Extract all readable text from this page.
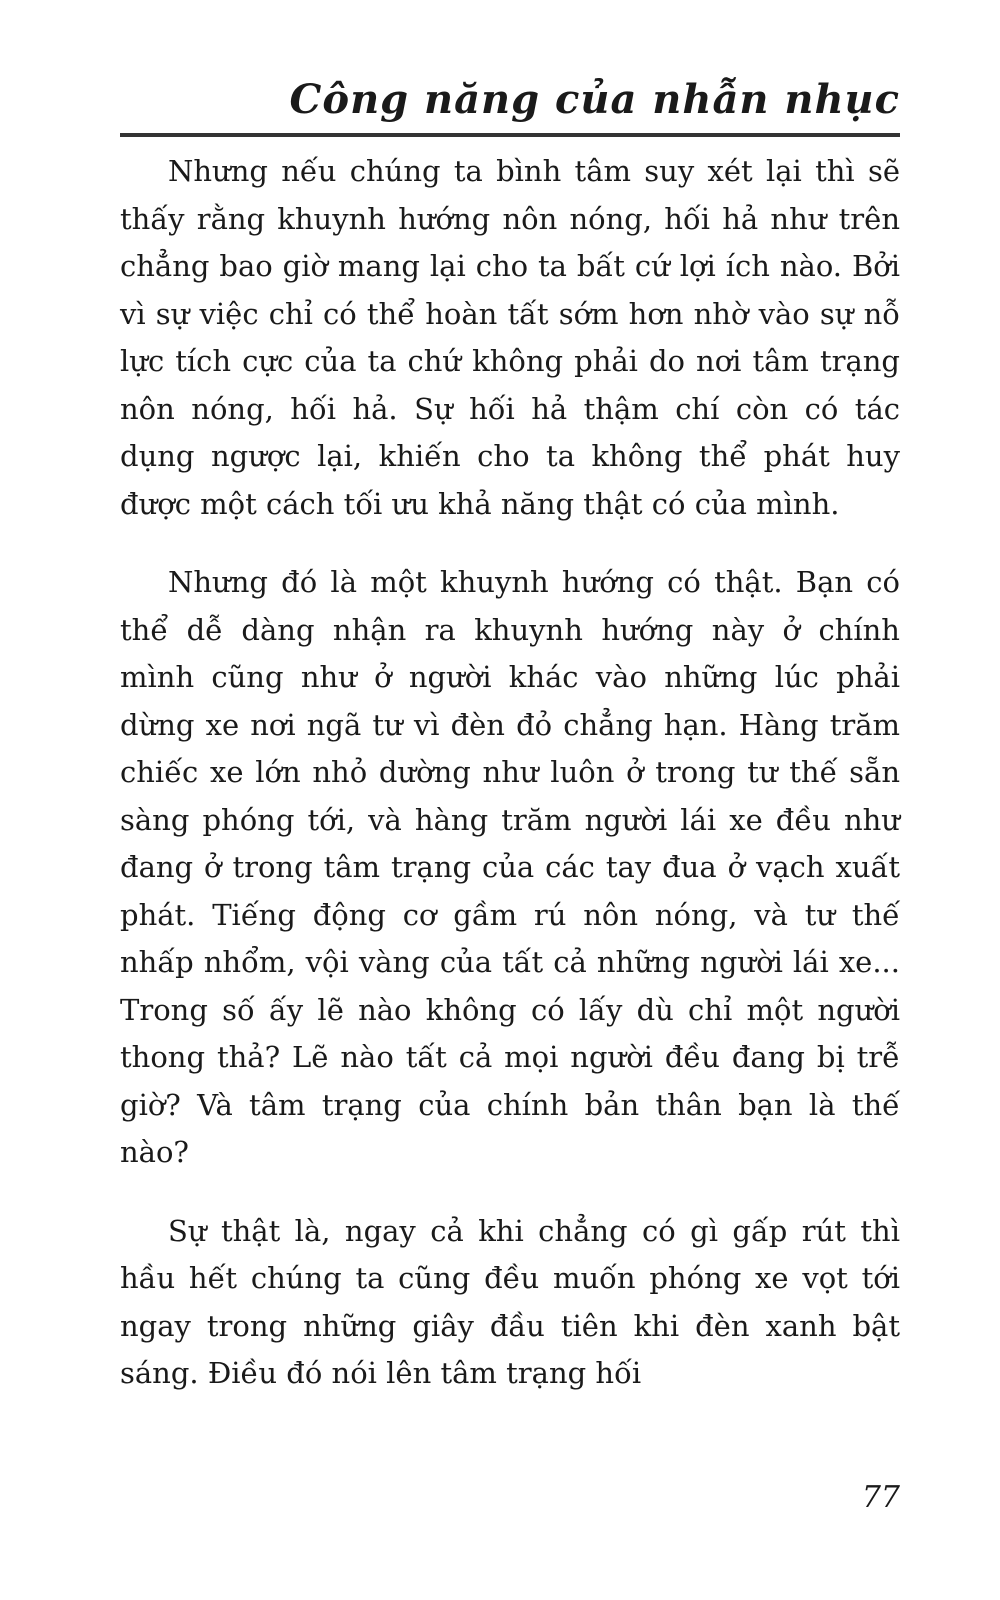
Công năng của nhẫn nhục

Nhưng nếu chúng ta bình tâm suy xét lại thì sẽ thấy rằng khuynh hướng nôn nóng, hối hả như trên chẳng bao giờ mang lại cho ta bất cứ lợi ích nào. Bởi vì sự việc chỉ có thể hoàn tất sớm hơn nhờ vào sự nỗ lực tích cực của ta chứ không phải do nơi tâm trạng nôn nóng, hối hả. Sự hối hả thậm chí còn có tác dụng ngược lại, khiến cho ta không thể phát huy được một cách tối ưu khả năng thật có của mình.

Nhưng đó là một khuynh hướng có thật. Bạn có thể dễ dàng nhận ra khuynh hướng này ở chính mình cũng như ở người khác vào những lúc phải dừng xe nơi ngã tư vì đèn đỏ chẳng hạn. Hàng trăm chiếc xe lớn nhỏ dường như luôn ở trong tư thế sẵn sàng phóng tới, và hàng trăm người lái xe đều như đang ở trong tâm trạng của các tay đua ở vạch xuất phát. Tiếng động cơ gầm rú nôn nóng, và tư thế nhấp nhổm, vội vàng của tất cả những người lái xe... Trong số ấy lẽ nào không có lấy dù chỉ một người thong thả? Lẽ nào tất cả mọi người đều đang bị trễ giờ? Và tâm trạng của chính bản thân bạn là thế nào?

Sự thật là, ngay cả khi chẳng có gì gấp rút thì hầu hết chúng ta cũng đều muốn phóng xe vọt tới ngay trong những giây đầu tiên khi đèn xanh bật sáng. Điều đó nói lên tâm trạng hối

77
